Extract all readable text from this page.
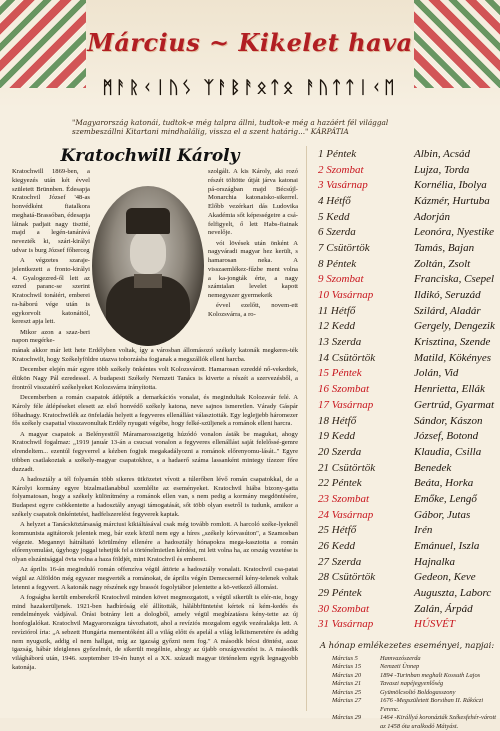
Március ~ Kikelet hava
ᛗᚨᚱᚲᛁᚢᛊ ᛉᚨᛒᚨᛟᛏᛟ ᚨᚢᛏᛏᛁᚲᛖ
"Magyarország katonái, tudtok-e még talpra állni, tudtok-e még a hazáért fél világgal szembeszállni Kitartani mindhalálig, vissza el a szent határig..." KÁRPÁTIA
Kratochwill Károly

Kratochwill 1869-ben, a kiegyezés után két évvel született Brünnben. Édesapja Kratochvil József '48-as honvédként fiatalkora meghatá-Brassóban, édesapja láinak padjait nagy tisztté, majd a legén-tanárává nevezték ki, szári-királyi udvar is burg József főherceg

A végzetes szaraje-jelentkezett a fronto-királyi 4. Gyalogezred-ől lett az ezred paranc-se szerint Kratochwil tonáiért, emberei ra-háború vége után is egykorvolt katonáitól, kereszt apja lett.

Mikor azon a szaz-beri napon megérke-

szolgált. A kis Károly, aki rozó részét töltötte útját járva katonai pá-országban majd Bécsújl-Monarchia katonaisko-sikerrel. Előbb vezérkari dás Ludovika Akadémia sőt képességeire a csá-felfigyelt, ő lett Habs-fiainak nevelője.

vói lövések után önként A nagyváradi magyar hez került, s hamarosan neka. A visszaemlékez-fűzbe ment volna a ka-jongták érte, a nagy számtalan levelet kapott nemegyszer gyermekeik

évvel ezelőtt, novem-ett Kolozsvárra, a ro-

mának akkor már lett hete Erdélyben voltak, így a városban állomásozó székely katonák megkeres-ték Kratochwilt, hogy Székelyföldre utazva toborzásba fogjanak a megszállók elleni harcba.

December elején már egyre több székely önkéntes volt Kolozsvárott. Hamarosan ezreddé nő-vekedtek, élükön Nagy Pál ezredessel. A budapesti Székely Nemzeti Tanács is kiverte a részét a szervezésből, a frontról visszatérő székelyeket Kolozsvárra irányította.

Decemberben a román csapatok átlépték a demarkációs vonalat, és megindultak Kolozsvár felé. A Károly féle átlépéseket elesett az első honvédő székely katona, neve sajnos ismeretlen. Várady Gáspár főhadnagy. Kratochwilék az önfeladás helyett a fegyveres ellenállást választották. Egy leglejjebb háromezer fős székely csapattal visszavonultak Erdély nyugati végébe, hogy felké-szüljenek a románok elleni harcra.

A magyar csapatok a Belényesttől Máramarosszigetig húzódó vonalon ásták be magukat, ahogy Kratochwil fogalmaz: „1919 január 13-án a csucsai vonalon a fegyveres ellenállást saját felelőssé-gemre elrendeltem... ezentúl fegyverrel a kézben fogjuk megakadályozni a románok előrenyomu-lását.." Egyre többen csatlakoztak a székely-magyar csapatokhoz, s a hadaerő száma lassanként mintegy tízezer főre duzzadt.

A hadosztály a tél folyamán több sikeres ütközetet vívott a túlerőben lévő román csapatokkal, de a Károlyi kormány egyre bizalmatlanabbul szemlélte az eseményeket. Kratochvil hiába bizony-gatta folyamatosan, hogy a székely különítmény a románok ellen van, s nem pedig a kormány megdöntésére, Budapest egyre csökkentette a hadosztály anyagi támogatását, sőt több olyan esetről is tudunk, amikor a székely csapatok önkéntetést, hadfelszerelést fegyverek kaptak.

A helyzet a Tanácsköztársaság márciusi kikiáltásával csak még tovább romlott. A harcoló széke-lyeknél kommunista agitátorok jelentek meg, bár ezek közül nem egy a híres „székely kórvasúton", a Szamosban végezte. Megannyi hátráltató körülmény ellenére a hadosztály hónapokra mega-kasztotta a román előrenyomulást, úgyhogy joggal tehetjük fel a történelmietlen kérdést, mi lett volna ha, az ország vezetése is olyan elszántsággal övta volna a haza földjét, mint Kratochvil és emberei.

Az április 16-án meginduló román offenzíva végül áttörte a hadosztály vonalait. Kratochvil csa-patai végül az Alföldön még egyszer megverték a románokat, de április végén Demecsernél kény-telenek voltak letenni a fegyvert. A katonák nagy részének egy brassói fogolytábor jelentette a kö-vetkező állomást.

A fogságba került emberekről Kratochvil minden követ megmozgatott, s végül sikerült is elér-nie, hogy mind hazakerüljenek. 1921-ben hadbíróság elé állították, hálábbfüntetést kértek rá kém-kedés és rendelmények vádjával. Örási botrány lett a dologból, amely végül megbízatásra kény-tette az új honfoglalókat. Kratochvil Magyarországra távozhatott, ahol a revíziós mozgalom egyik vezéralakja lett. A revíziórol írta: „A sebzett Hungária mementóként áll a világ előtt és apelál a világ lelkiismeretére és addig nem nyugszik, addig el nem hallgat, míg az igazság győzni nem fog." A második bécsi döntést, azaz igazság, hábár ideiglenes győzelmét, de sikerült megélnie, ahogy az újabb országvesztést is. A második világháború után, 1946. szeptember 19-én hunyt el a XX. századi magyar történelem egyik legnagyobb katonája.

1 Péntek	Albin, Acsád
2 Szombat	Lujza, Torda
3 Vasárnap	Kornélia, Ibolya
4 Hétfő	Kázmér, Hurtuba
5 Kedd	Adorján
6 Szerda	Leonóra, Nyestike
7 Csütörtök	Tamás, Bajan
8 Péntek	Zoltán, Zsolt
9 Szombat	Franciska, Csepel
10 Vasárnap	Ildikó, Seruzád
11 Hétfő	Szilárd, Aladár
12 Kedd	Gergely, Dengezik
13 Szerda	Krisztina, Szende
14 Csütörtök	Matild, Kökényes
15 Péntek	Jolán, Vid
16 Szombat	Henrietta, Ellák
17 Vasárnap	Gertrúd, Gyarmat
18 Hétfő	Sándor, Kászon
19 Kedd	József, Botond
20 Szerda	Klaudia, Csilla
21 Csütörtök	Benedek
22 Péntek	Beáta, Horka
23 Szombat	Emőke, Lengő
24 Vasárnap	Gábor, Jutas
25 Hétfő	Irén
26 Kedd	Emánuel, Iszla
27 Szerda	Hajnalka
28 Csütörtök	Gedeon, Keve
29 Péntek	Augusztа, Laborc
30 Szombat	Zalán, Árpád
31 Vasárnap	HÚSVÉT
A hónap emlékezetes eseményei, napjai:
Március 5	Hamvazószerda
Március 15	Nemzeti Ünnep
Március 20	1894 -Turinban meghalt Kossuth Lajos
Március 21	Tavaszi napéjegyenlőség
Március 25	Gyümölcsoltó Boldogasszony
Március 27	1676 -Megszületett Borsiban II. Rákóczi Ferenc.
Március 29	1464 -Királlyá koronázták Székesfehér-várott az 1458 óta uralkodó Mátyást.
